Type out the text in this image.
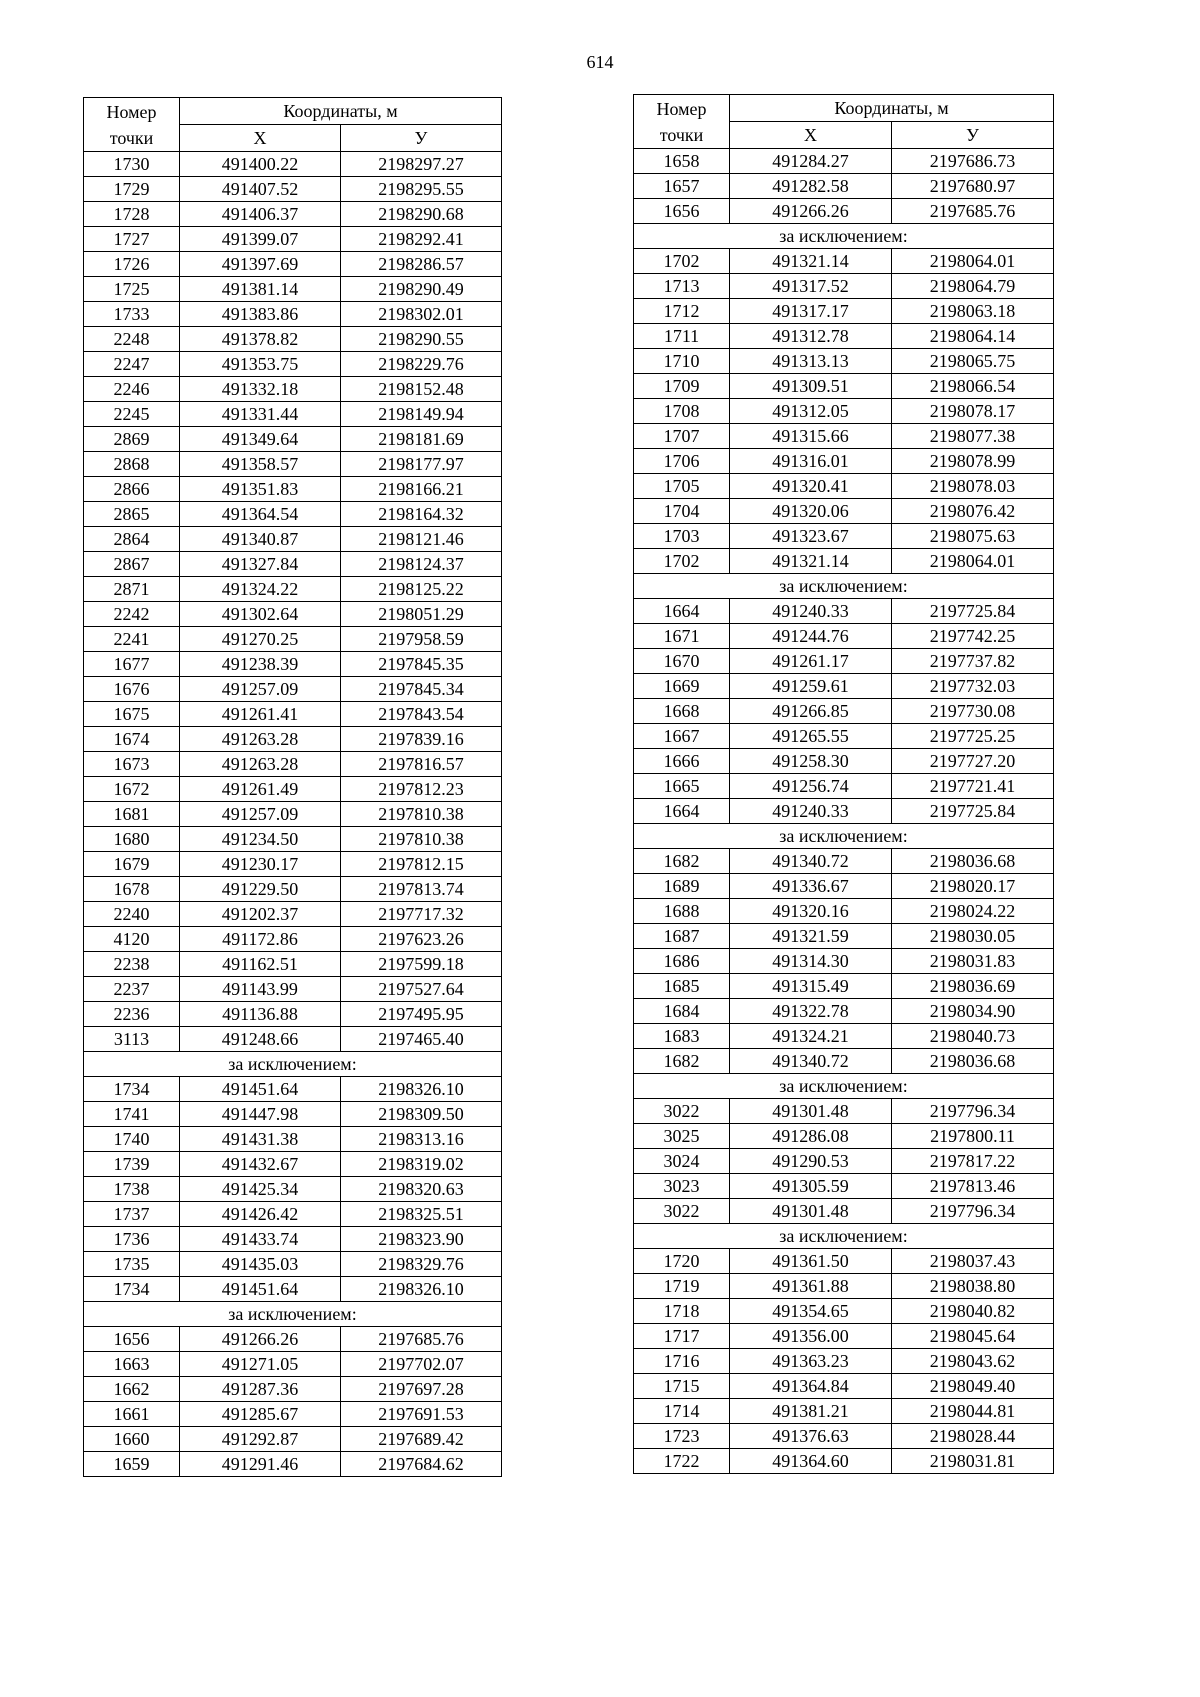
614
Номер
точки	Координаты, м	
	X	У
1730	491400.22	2198297.27
1729	491407.52	2198295.55
1728	491406.37	2198290.68
1727	491399.07	2198292.41
1726	491397.69	2198286.57
1725	491381.14	2198290.49
1733	491383.86	2198302.01
2248	491378.82	2198290.55
2247	491353.75	2198229.76
2246	491332.18	2198152.48
2245	491331.44	2198149.94
2869	491349.64	2198181.69
2868	491358.57	2198177.97
2866	491351.83	2198166.21
2865	491364.54	2198164.32
2864	491340.87	2198121.46
2867	491327.84	2198124.37
2871	491324.22	2198125.22
2242	491302.64	2198051.29
2241	491270.25	2197958.59
1677	491238.39	2197845.35
1676	491257.09	2197845.34
1675	491261.41	2197843.54
1674	491263.28	2197839.16
1673	491263.28	2197816.57
1672	491261.49	2197812.23
1681	491257.09	2197810.38
1680	491234.50	2197810.38
1679	491230.17	2197812.15
1678	491229.50	2197813.74
2240	491202.37	2197717.32
4120	491172.86	2197623.26
2238	491162.51	2197599.18
2237	491143.99	2197527.64
2236	491136.88	2197495.95
3113	491248.66	2197465.40
за исключением:		
1734	491451.64	2198326.10
1741	491447.98	2198309.50
1740	491431.38	2198313.16
1739	491432.67	2198319.02
1738	491425.34	2198320.63
1737	491426.42	2198325.51
1736	491433.74	2198323.90
1735	491435.03	2198329.76
1734	491451.64	2198326.10
за исключением:		
1656	491266.26	2197685.76
1663	491271.05	2197702.07
1662	491287.36	2197697.28
1661	491285.67	2197691.53
1660	491292.87	2197689.42
1659	491291.46	2197684.62
Номер
точки	Координаты, м	
	X	У
1658	491284.27	2197686.73
1657	491282.58	2197680.97
1656	491266.26	2197685.76
за исключением:		
1702	491321.14	2198064.01
1713	491317.52	2198064.79
1712	491317.17	2198063.18
1711	491312.78	2198064.14
1710	491313.13	2198065.75
1709	491309.51	2198066.54
1708	491312.05	2198078.17
1707	491315.66	2198077.38
1706	491316.01	2198078.99
1705	491320.41	2198078.03
1704	491320.06	2198076.42
1703	491323.67	2198075.63
1702	491321.14	2198064.01
за исключением:		
1664	491240.33	2197725.84
1671	491244.76	2197742.25
1670	491261.17	2197737.82
1669	491259.61	2197732.03
1668	491266.85	2197730.08
1667	491265.55	2197725.25
1666	491258.30	2197727.20
1665	491256.74	2197721.41
1664	491240.33	2197725.84
за исключением:		
1682	491340.72	2198036.68
1689	491336.67	2198020.17
1688	491320.16	2198024.22
1687	491321.59	2198030.05
1686	491314.30	2198031.83
1685	491315.49	2198036.69
1684	491322.78	2198034.90
1683	491324.21	2198040.73
1682	491340.72	2198036.68
за исключением:		
3022	491301.48	2197796.34
3025	491286.08	2197800.11
3024	491290.53	2197817.22
3023	491305.59	2197813.46
3022	491301.48	2197796.34
за исключением:		
1720	491361.50	2198037.43
1719	491361.88	2198038.80
1718	491354.65	2198040.82
1717	491356.00	2198045.64
1716	491363.23	2198043.62
1715	491364.84	2198049.40
1714	491381.21	2198044.81
1723	491376.63	2198028.44
1722	491364.60	2198031.81
